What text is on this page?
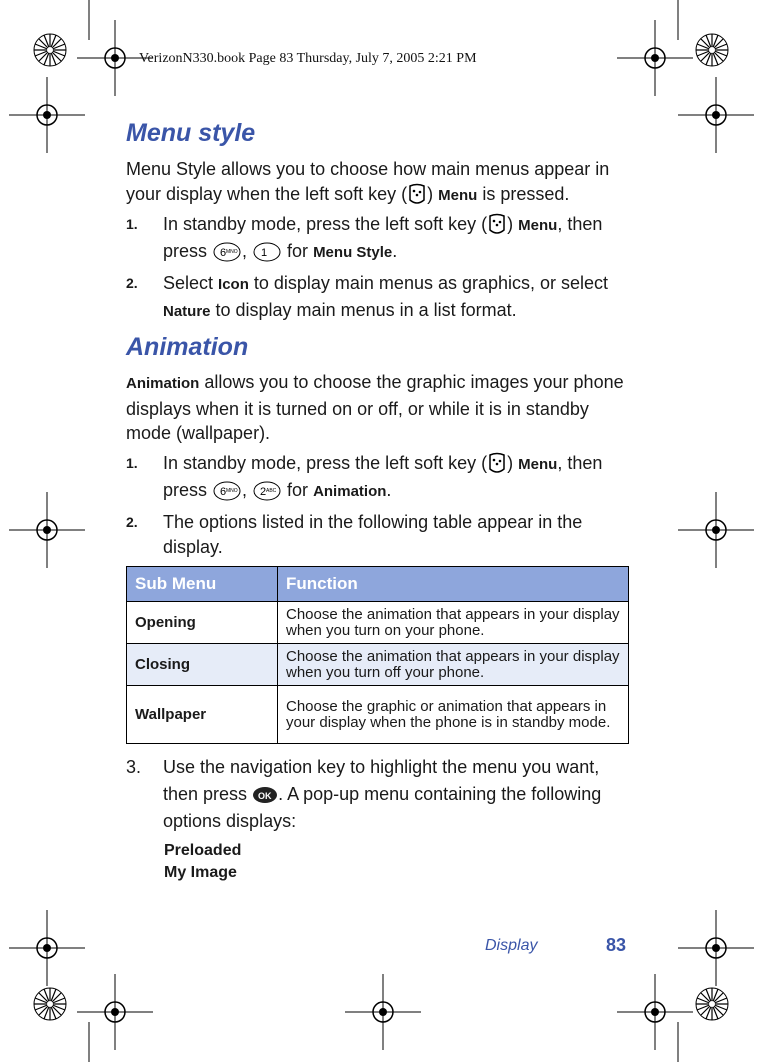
VerizonN330.book Page 83 Thursday, July 7, 2005 2:21 PM
Menu style
Menu Style allows you to choose how main menus appear in your display when the left soft key ( ) Menu is pressed.
1. In standby mode, press the left soft key ( ) Menu, then press 6 MNO , 1 for Menu Style.
2. Select Icon to display main menus as graphics, or select Nature to display main menus in a list format.
Animation
Animation allows you to choose the graphic images your phone displays when it is turned on or off, or while it is in standby mode (wallpaper).
1. In standby mode, press the left soft key ( ) Menu, then press 6 MNO , 2 ABC for Animation.
2. The options listed in the following table appear in the display.
Sub Menu	Function
Opening	Choose the animation that appears in your display when you turn on your phone.
Closing	Choose the animation that appears in your display when you turn off your phone.
Wallpaper	Choose the graphic or animation that appears in your display when the phone is in standby mode.
3. Use the navigation key to highlight the menu you want, then press OK . A pop-up menu containing the following options displays:
Preloaded
My Image
Display	83
